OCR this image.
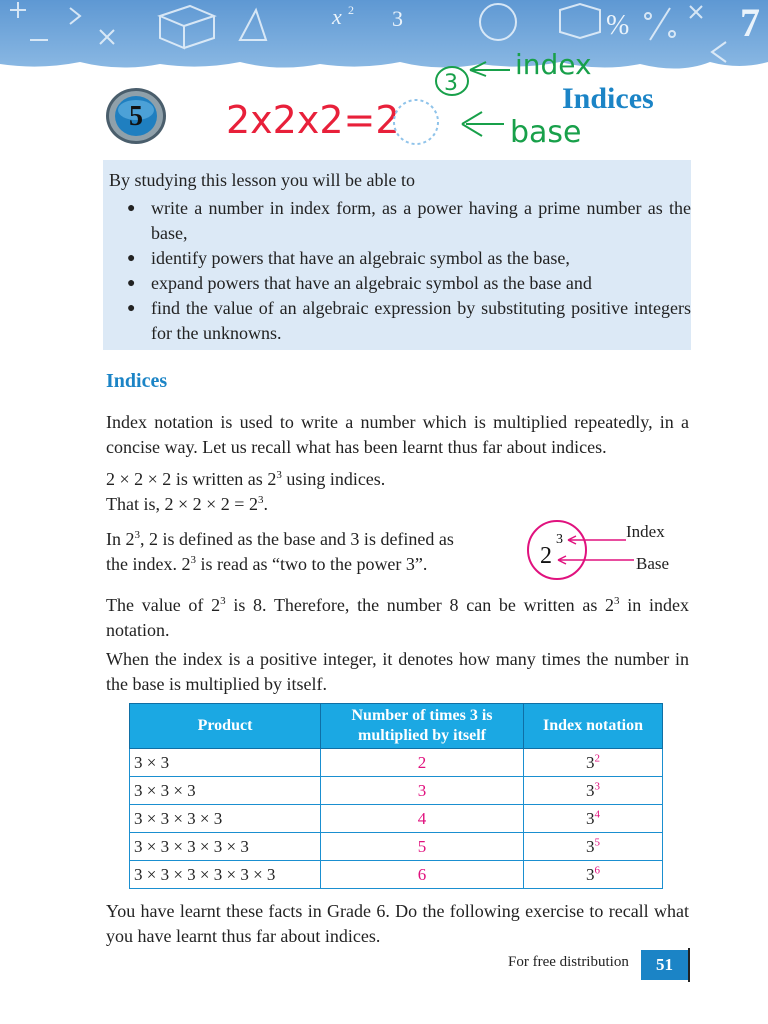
x 2 3	%	7
5 2x2x2=2
3
index
base
Indices
By studying this lesson you will be able to
● write a number in index form, as a power having a prime number as the base,
● identify powers that have an algebraic symbol as the base,
● expand powers that have an algebraic symbol as the base and
● find the value of an algebraic expression by substituting positive integers for the unknowns.
Indices
Index notation is used to write a number which is multiplied repeatedly, in a concise way. Let us recall what has been learnt thus far about indices.
2 × 2 × 2 is written as $2^3$ using indices.
That is, $2 \times 2 \times 2 = 2^3$.
In $2^3$, 2 is defined as the base and 3 is defined as
the index. $2^3$ is read as “two to the power 3”.	2
3	Index
Base
The value of $2^3$ is 8. Therefore, the number 8 can be written as $2^3$ in index notation.
When the index is a positive integer, it denotes how many times the number in the base is multiplied by itself.
Product	Number of times 3 is multiplied by itself	Index notation
3 × 3	2	$3^2$
3 × 3 × 3	3	$3^3$
3 × 3 × 3 × 3	4	$3^4$
3 × 3 × 3 × 3 × 3	5	$3^5$
3 × 3 × 3 × 3 × 3 × 3	6	$3^6$
You have learnt these facts in Grade 6. Do the following exercise to recall what you have learnt thus far about indices.
For free distribution	51
